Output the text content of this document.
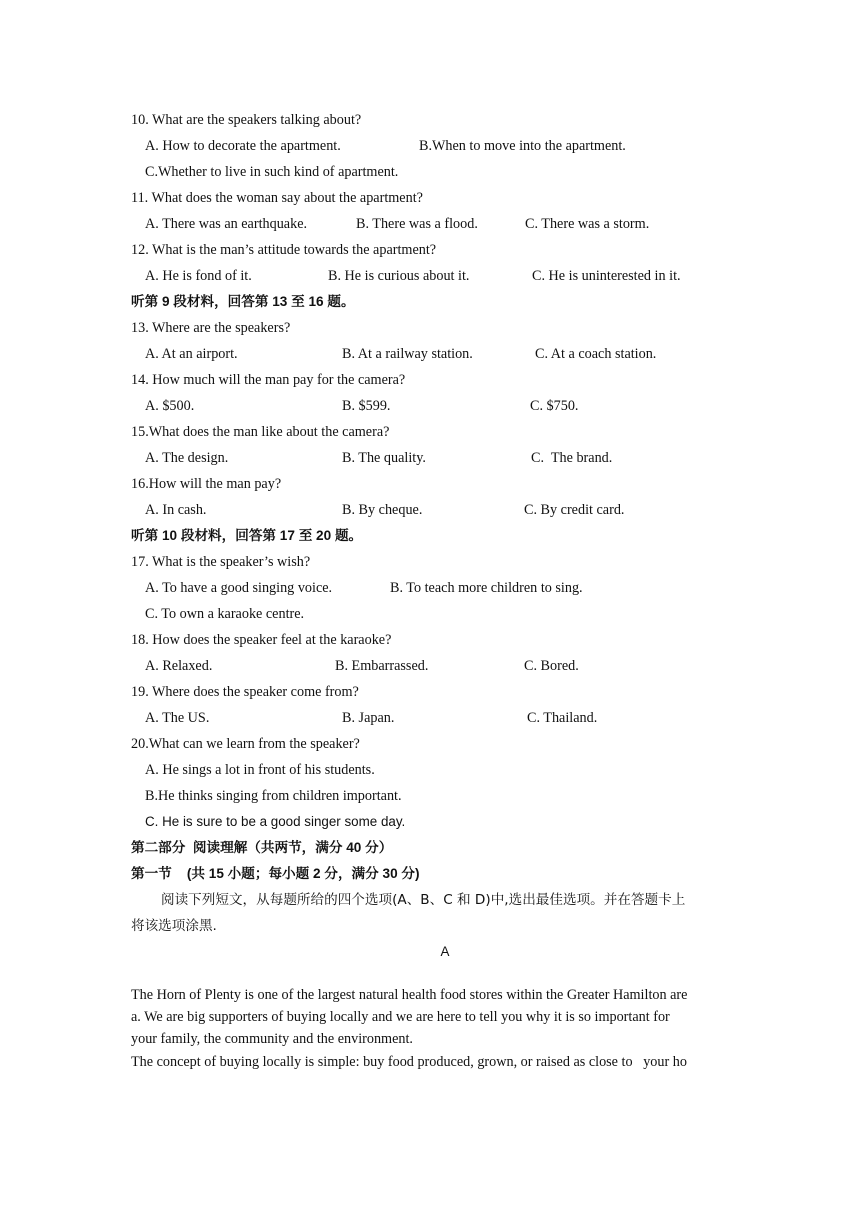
10. What are the speakers talking about?
A. How to decorate the apartment.	B.When to move into the apartment.
C.Whether to live in such kind of apartment.
11. What does the woman say about the apartment?
A. There was an earthquake.	B. There was a flood.	C. There was a storm.
12. What is the man’s attitude towards the apartment?
A. He is fond of it.	B. He is curious about it.	C. He is uninterested in it.
听第 9 段材料，回答第 13 至 16 题。
13. Where are the speakers?
A. At an airport.	B. At a railway station.	C. At a coach station.
14. How much will the man pay for the camera?
A. $500.	B. $599.	C. $750.
15.What does the man like about the camera?
A. The design.	B. The quality.	C.  The brand.
16.How will the man pay?
A. In cash.	B. By cheque.	C. By credit card.
听第 10 段材料，回答第 17 至 20 题。
17. What is the speaker’s wish?
A. To have a good singing voice.	B. To teach more children to sing.
C. To own a karaoke centre.
18. How does the speaker feel at the karaoke?
A. Relaxed.	B. Embarrassed.	C. Bored.
19. Where does the speaker come from?
A. The US.	B. Japan.	C. Thailand.
20.What can we learn from the speaker?
A. He sings a lot in front of his students.
B.He thinks singing from children important.
C. He is sure to be a good singer some day.
第二部分  阅读理解（共两节，满分 40 分）
第一节    (共 15 小题；每小题 2 分，满分 30 分)
阅读下列短文，从每题所给的四个选项(A、B、C 和 D)中,选出最佳选项。并在答题卡上
将该选项涂黑.
A
The Horn of Plenty is one of the largest natural health food stores within the Greater Hamilton are
a. We are big supporters of buying locally and we are here to tell you why it is so important for
your family, the community and the environment.
The concept of buying locally is simple: buy food produced, grown, or raised as close to   your ho
